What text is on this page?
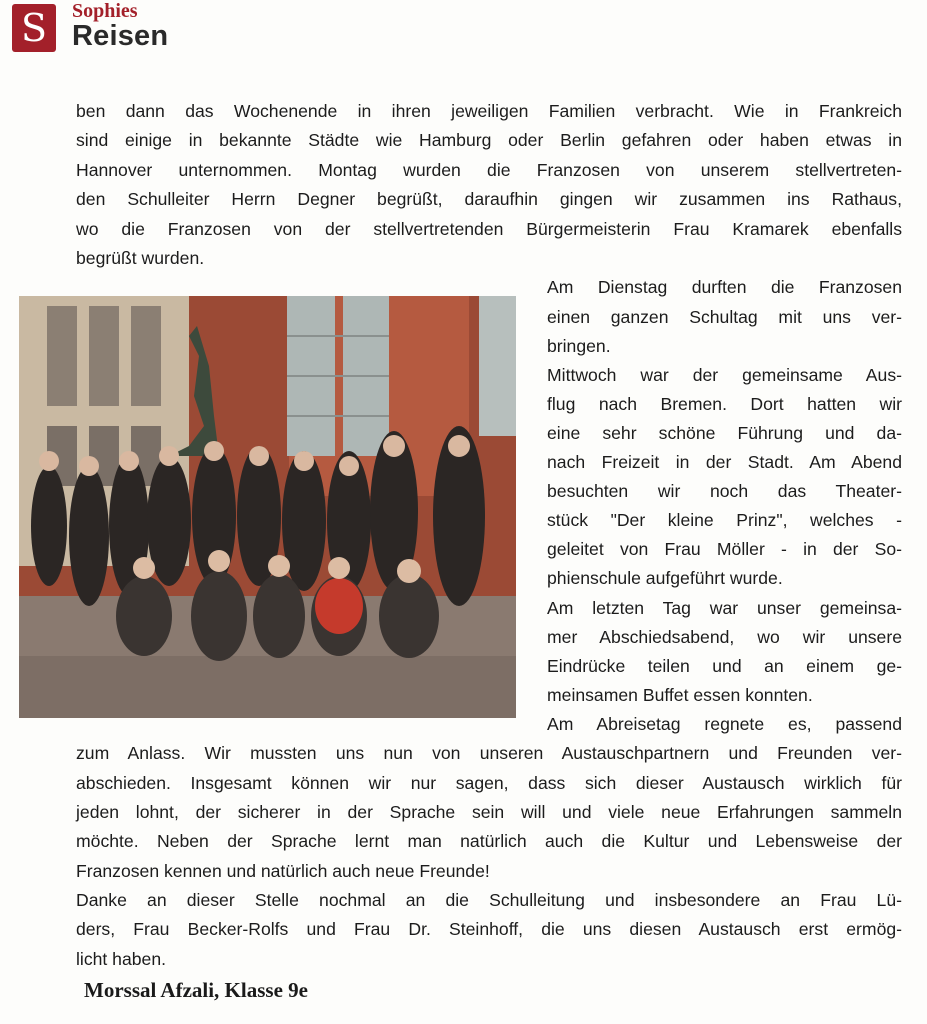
S Sophies
Reisen
ben dann das Wochenende in ihren jeweiligen Familien verbracht. Wie in Frankreich
sind einige in bekannte Städte wie Hamburg oder Berlin gefahren oder haben etwas in
Hannover unternommen. Montag wurden die Franzosen von unserem stellvertreten-
den Schulleiter Herrn Degner begrüßt, daraufhin gingen wir zusammen ins Rathaus,
wo die Franzosen von der stellvertretenden Bürgermeisterin Frau Kramarek ebenfalls
begrüßt wurden.
Am Dienstag durften die Franzosen
einen ganzen Schultag mit uns ver-
bringen.
Mittwoch war der gemeinsame Aus-
flug nach Bremen. Dort hatten wir
eine sehr schöne Führung und da-
nach Freizeit in der Stadt. Am Abend
besuchten wir noch das Theater-
stück "Der kleine Prinz", welches -
geleitet von Frau Möller - in der So-
phienschule aufgeführt wurde.
Am letzten Tag war unser gemeinsa-
mer Abschiedsabend, wo wir unsere
Eindrücke teilen und an einem ge-
meinsamen Buffet essen konnten.
Am Abreisetag regnete es, passend
zum Anlass. Wir mussten uns nun von unseren Austauschpartnern und Freunden ver-
abschieden. Insgesamt können wir nur sagen, dass sich dieser Austausch wirklich für
jeden lohnt, der sicherer in der Sprache sein will und viele neue Erfahrungen sammeln
möchte. Neben der Sprache lernt man natürlich auch die Kultur und Lebensweise der
Franzosen kennen und natürlich auch neue Freunde!
Danke an dieser Stelle nochmal an die Schulleitung und insbesondere an Frau Lü-
ders, Frau Becker-Rolfs und Frau Dr. Steinhoff, die uns diesen Austausch erst ermög-
licht haben.
Morssal Afzali, Klasse 9e
